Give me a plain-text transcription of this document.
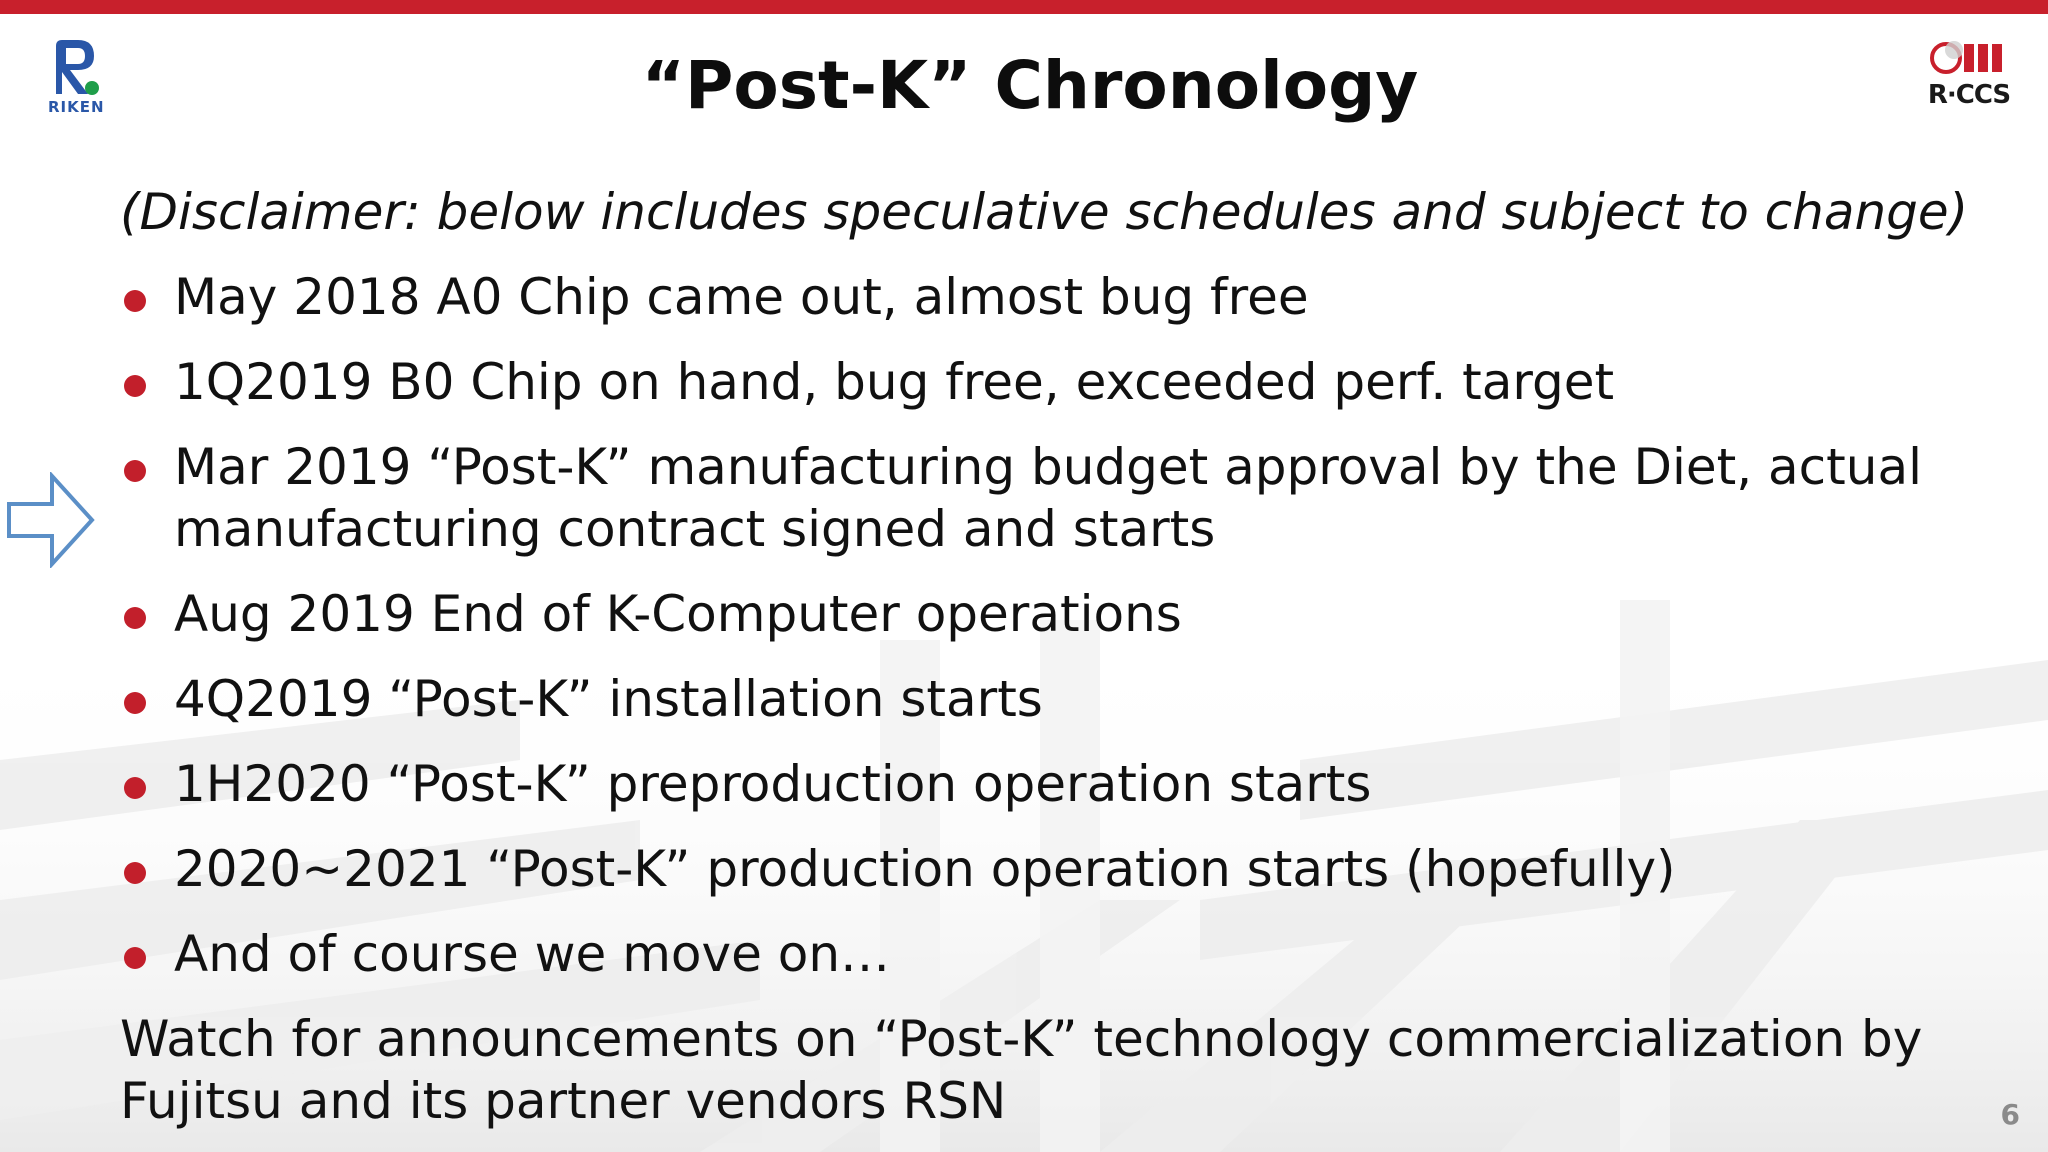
RIKEN	“Post-K” Chronology	R·CCS
(Disclaimer: below includes speculative schedules and subject to change)
May 2018 A0 Chip came out, almost bug free
1Q2019 B0 Chip on hand, bug free, exceeded perf. target
Mar 2019 “Post-K” manufacturing budget approval by the Diet, actual
manufacturing contract signed and starts
Aug 2019 End of K-Computer operations
4Q2019 “Post-K” installation starts
1H2020 “Post-K” preproduction operation starts
2020~2021 “Post-K” production operation starts (hopefully)
And of course we move on…
Watch for announcements on “Post-K” technology commercialization by
Fujitsu and its partner vendors RSN	6
